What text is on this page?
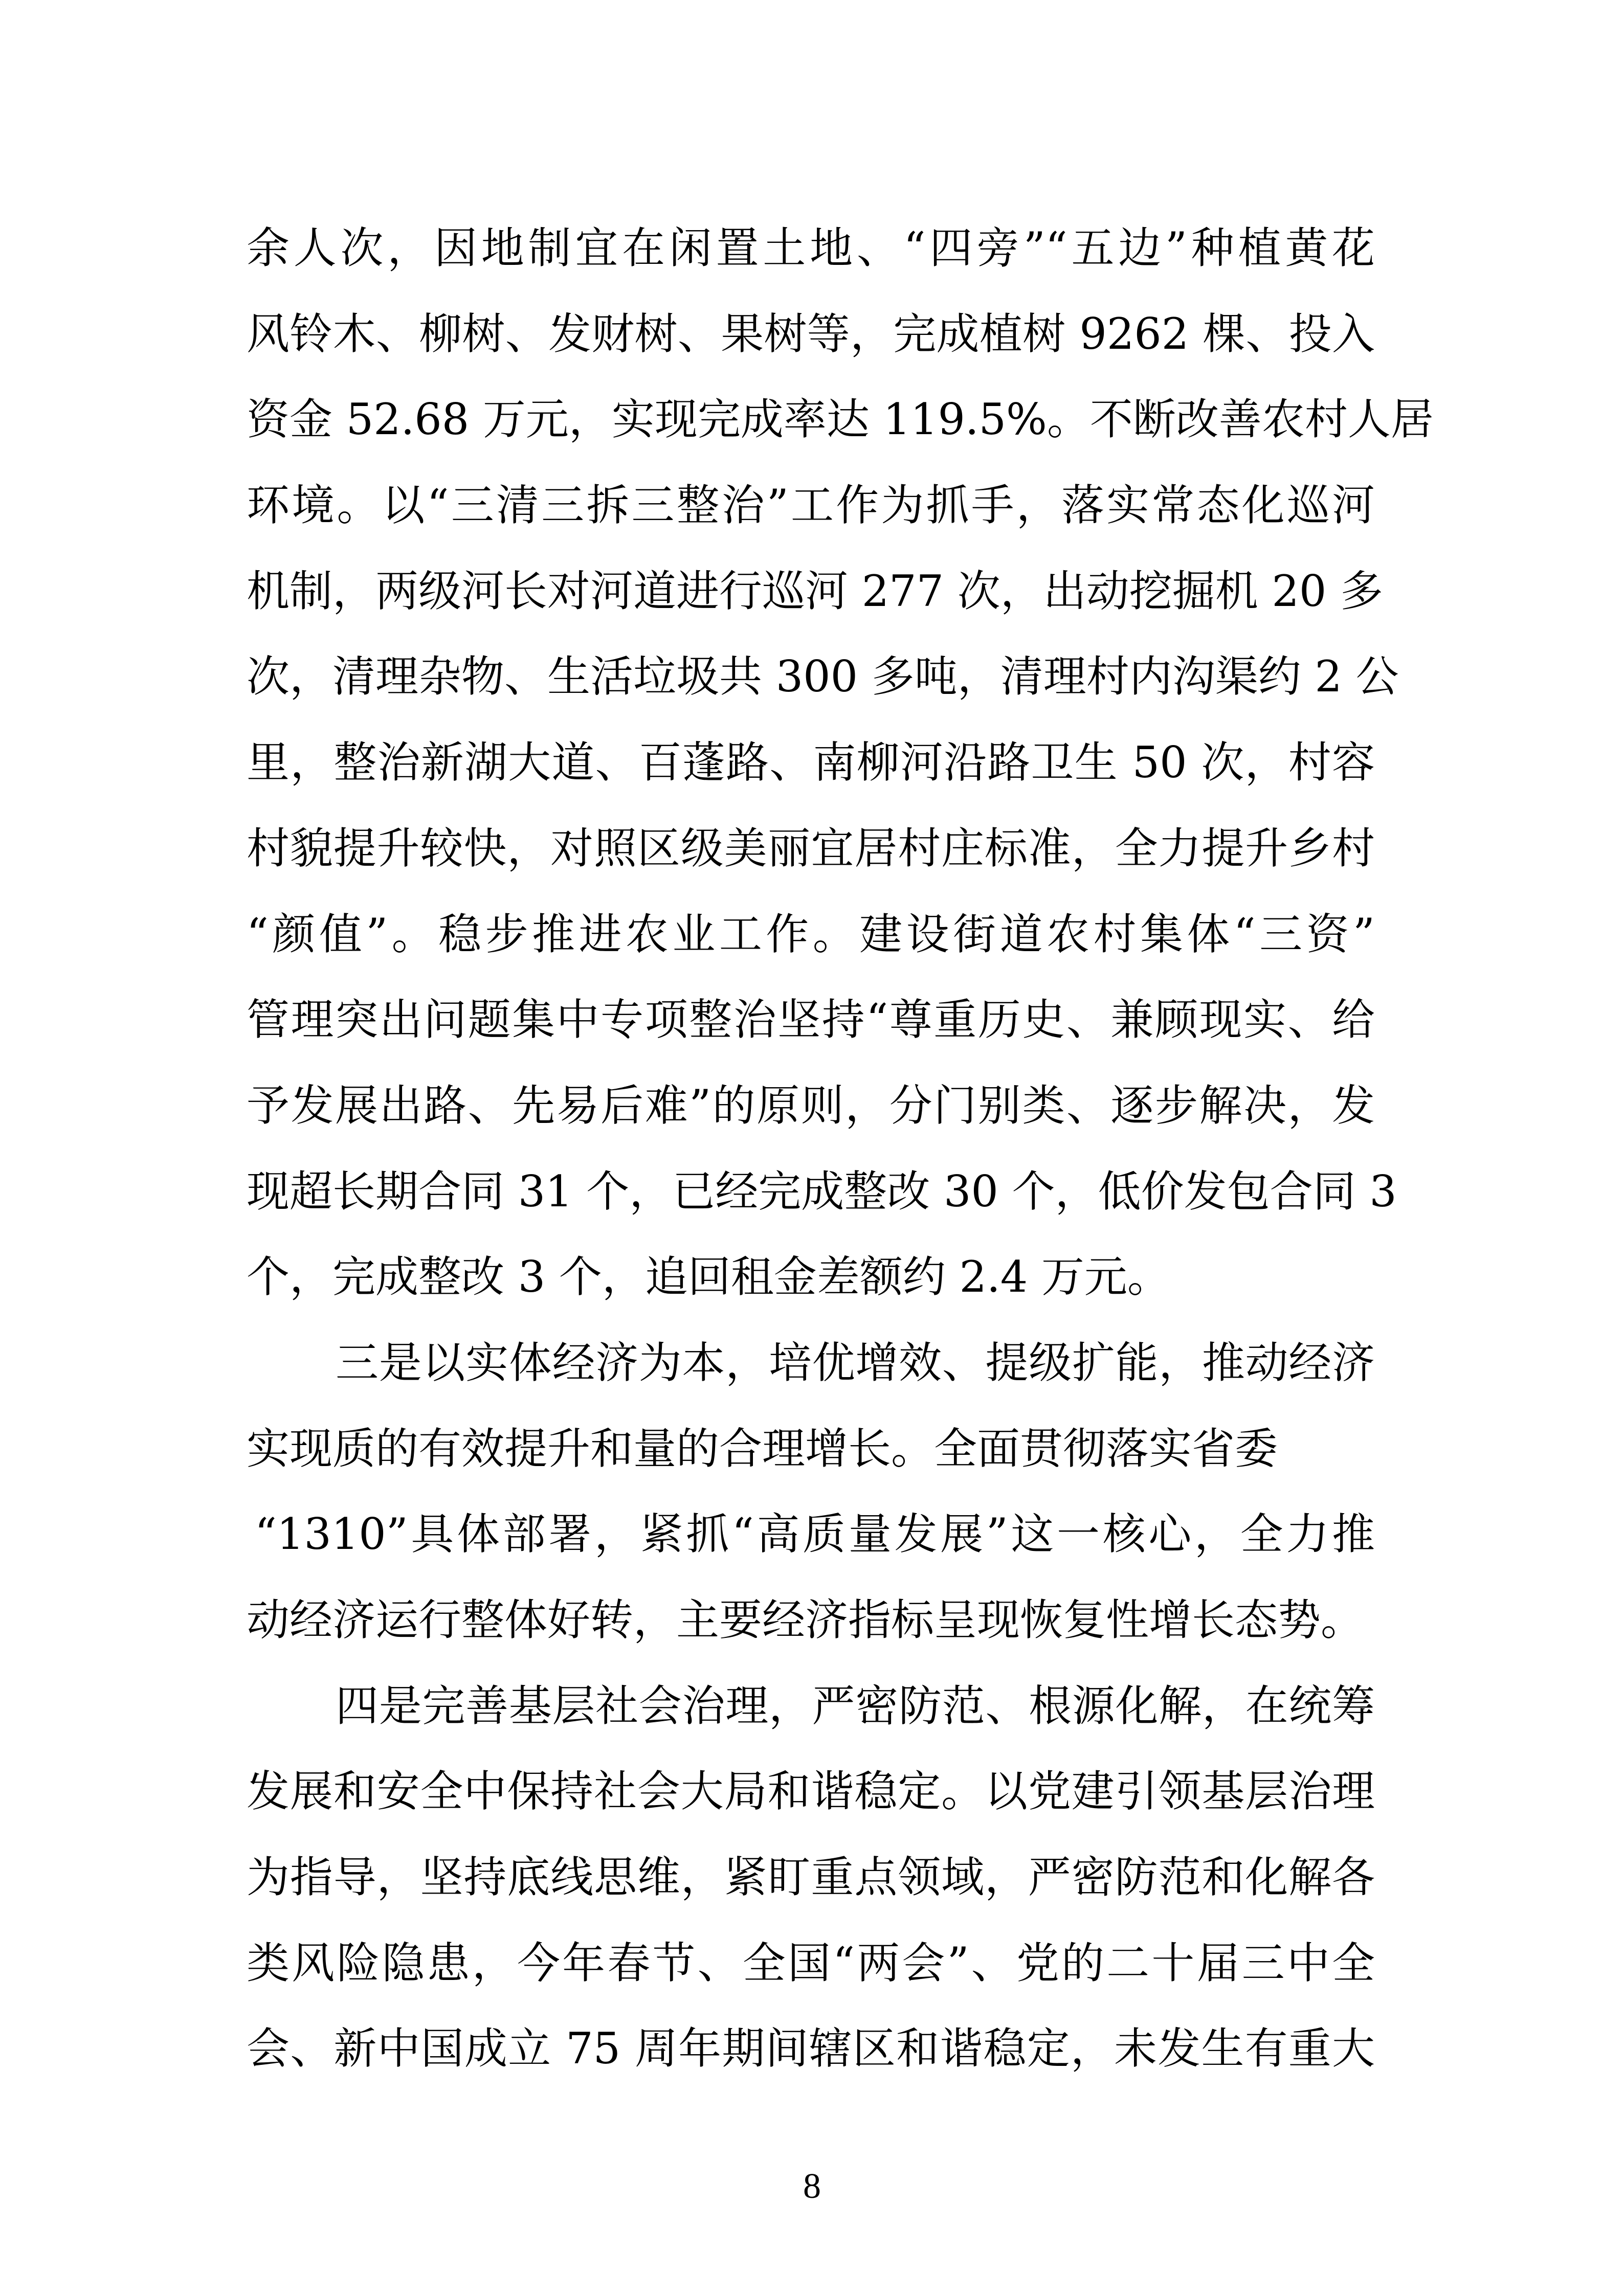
余人次，因地制宜在闲置土地、“四旁”“五边”种植黄花
风铃木、柳树、发财树、果树等，完成植树 9262 棵、投入
资金 52.68 万元，实现完成率达 119.5%。不断改善农村人居
环境。以“三清三拆三整治”工作为抓手，落实常态化巡河
机制，两级河长对河道进行巡河 277 次，出动挖掘机 20 多
次，清理杂物、生活垃圾共 300 多吨，清理村内沟渠约 2 公
里，整治新湖大道、百蓬路、南柳河沿路卫生 50 次，村容
村貌提升较快，对照区级美丽宜居村庄标准，全力提升乡村
“颜值”。稳步推进农业工作。建设街道农村集体“三资”
管理突出问题集中专项整治坚持“尊重历史、兼顾现实、给
予发展出路、先易后难”的原则，分门别类、逐步解决，发
现超长期合同 31 个，已经完成整改 30 个，低价发包合同 3
个，完成整改 3 个，追回租金差额约 2.4 万元。
三是以实体经济为本，培优增效、提级扩能，推动经济
实现质的有效提升和量的合理增长。全面贯彻落实省委
“1310”具体部署，紧抓“高质量发展”这一核心，全力推
动经济运行整体好转，主要经济指标呈现恢复性增长态势。
四是完善基层社会治理，严密防范、根源化解，在统筹
发展和安全中保持社会大局和谐稳定。以党建引领基层治理
为指导，坚持底线思维，紧盯重点领域，严密防范和化解各
类风险隐患，今年春节、全国“两会”、党的二十届三中全
会、新中国成立 75 周年期间辖区和谐稳定，未发生有重大
8
